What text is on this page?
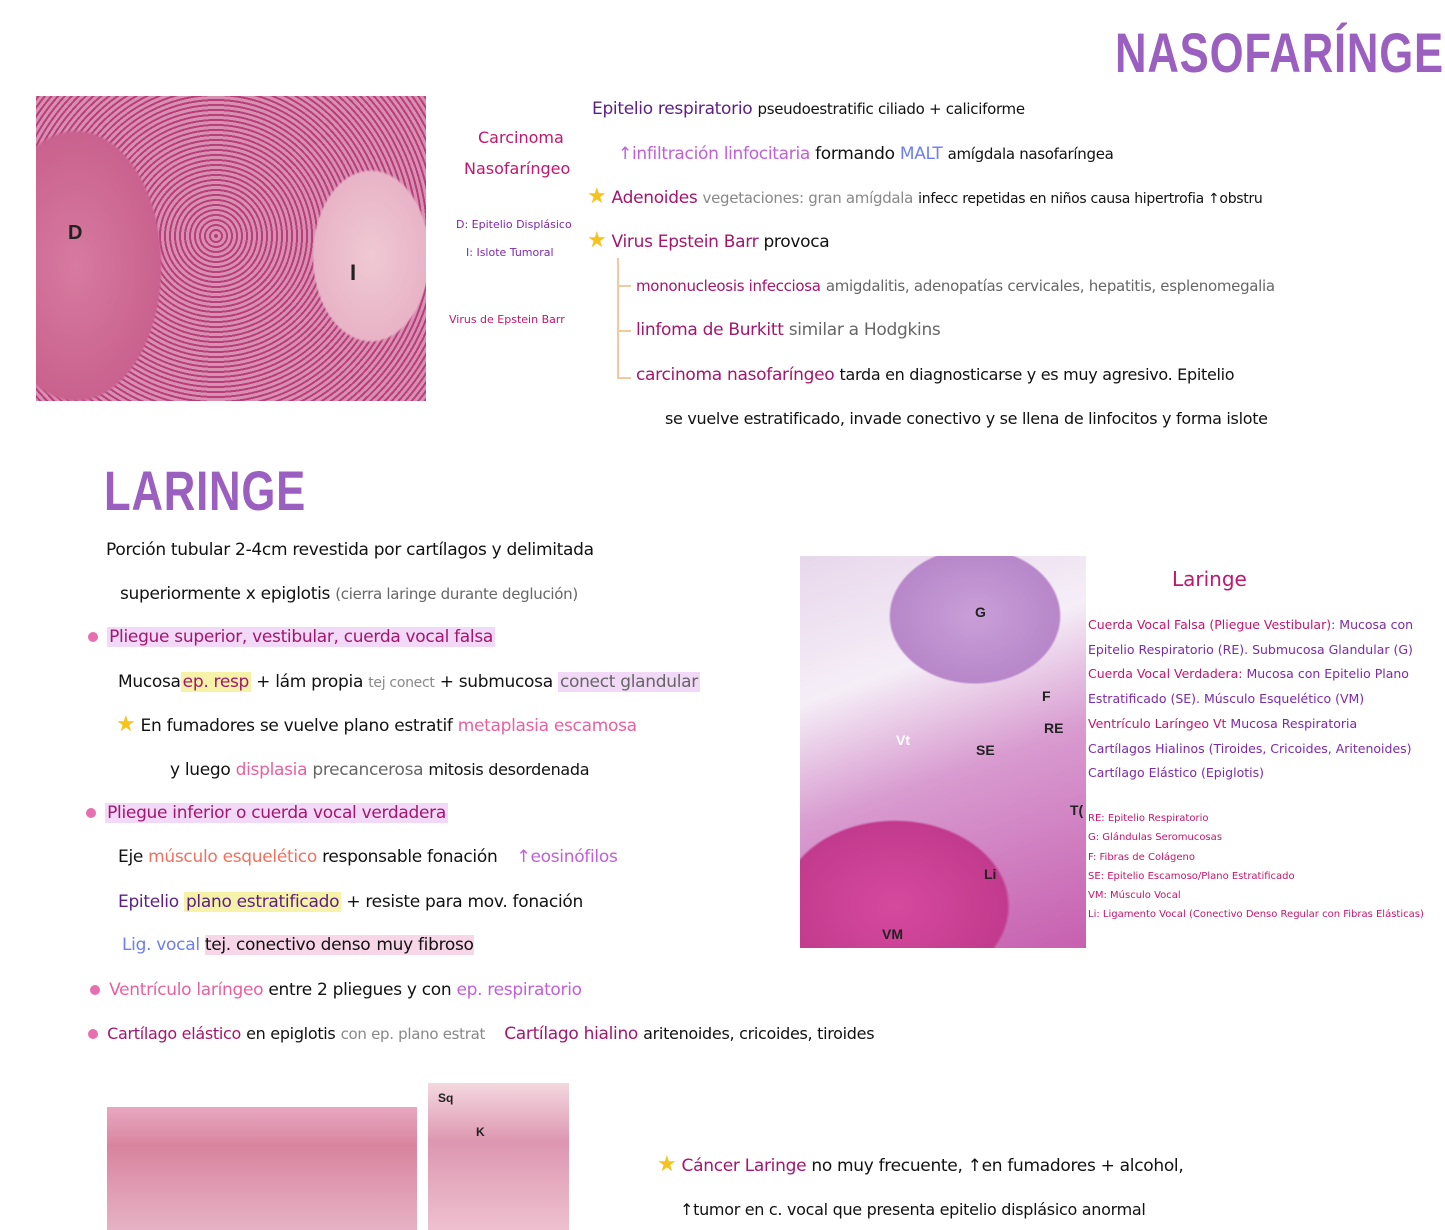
NASOFARÍNGE
D
I
Carcinoma
Nasofaríngeo
D: Epitelio Displásico
I: Islote Tumoral
Virus de Epstein Barr
Epitelio respiratorio pseudoestratific ciliado + caliciforme
↑infiltración linfocitaria formando MALT amígdala nasofaríngea
★ Adenoides vegetaciones: gran amígdala infecc repetidas en niños causa hipertrofia ↑obstru
★ Virus Epstein Barr provoca
mononucleosis infecciosa amigdalitis, adenopatías cervicales, hepatitis, esplenomegalia
linfoma de Burkitt similar a Hodgkins
carcinoma nasofaríngeo tarda en diagnosticarse y es muy agresivo. Epitelio
se vuelve estratificado, invade conectivo y se llena de linfocitos y forma islote
LARINGE
Porción tubular 2-4cm revestida por cartílagos y delimitada
superiormente x epiglotis (cierra laringe durante deglución)
Pliegue superior, vestibular, cuerda vocal falsa
Mucosa ep. resp + lám propia tej conect + submucosa conect glandular
★ En fumadores se vuelve plano estratif metaplasia escamosa
y luego displasia precancerosa mitosis desordenada
Pliegue inferior o cuerda vocal verdadera
Eje músculo esquelético responsable fonación ↑eosinófilos
Epitelio plano estratificado + resiste para mov. fonación
Lig. vocal tej. conectivo denso muy fibroso
Ventrículo laríngeo entre 2 pliegues y con ep. respiratorio
Cartílago elástico en epiglotis con ep. plano estrat Cartílago hialino aritenoides, cricoides, tiroides
G
F
RE
Vt
SE
T(
Li
VM
Laringe
Cuerda Vocal Falsa (Pliegue Vestibular): Mucosa con
Epitelio Respiratorio (RE). Submucosa Glandular (G)
Cuerda Vocal Verdadera: Mucosa con Epitelio Plano
Estratificado (SE). Músculo Esquelético (VM)
Ventrículo Laríngeo Vt Mucosa Respiratoria
Cartílagos Hialinos (Tiroides, Cricoides, Aritenoides)
Cartílago Elástico (Epiglotis)
RE: Epitelio Respiratorio
G: Glándulas Seromucosas
F: Fibras de Colágeno
SE: Epitelio Escamoso/Plano Estratificado
VM: Músculo Vocal
Li: Ligamento Vocal (Conectivo Denso Regular con Fibras Elásticas)
Sq
K
★ Cáncer Laringe no muy frecuente, ↑en fumadores + alcohol,
↑tumor en c. vocal que presenta epitelio displásico anormal
